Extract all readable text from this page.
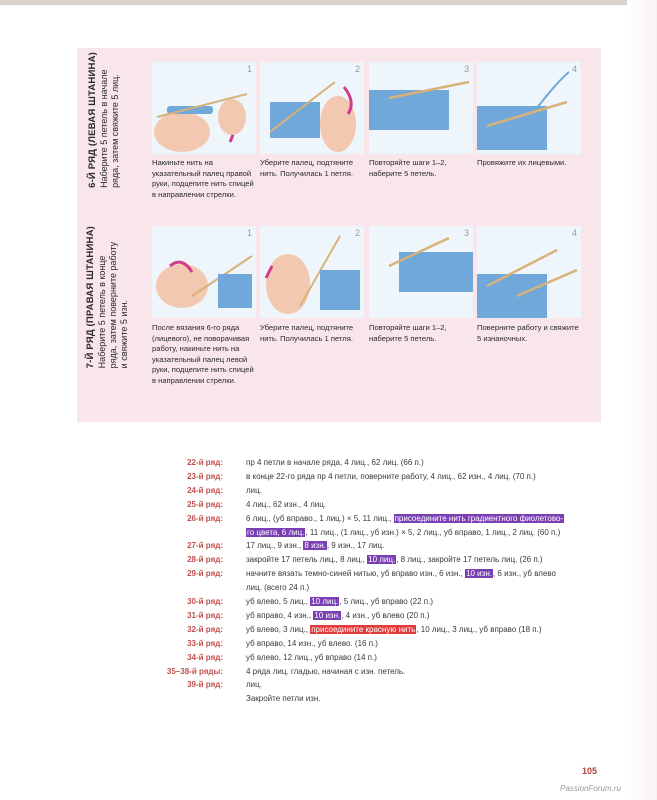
6-Й РЯД (ЛЕВАЯ ШТАНИНА)
Наберите 5 петель в начале
ряда, затем свяжите 5 лиц.
7-Й РЯД (ПРАВАЯ ШТАНИНА)
Наберите 5 петель в конце
ряда, затем поверните работу
и свяжите 5 изн.
1	2	3	4
Накиньте нить на указательный палец правой руки, подцепите нить спицей в направлении стрелки.
Уберите палец, подтяните нить. Получилась 1 петля.
Повторяйте шаги 1–2, наберите 5 петель.
Провяжите их лицевыми.
1	2	3	4
После вязания 6-го ряда (лицевого), не поворачивая работу, накиньте нить на указательный палец левой руки, подцепите нить спицей в направлении стрелки.
Уберите палец, подтяните нить. Получилась 1 петля.
Повторяйте шаги 1–2, наберите 5 петель.
Поверните работу и свяжите 5 изнаночных.
22-й ряд:	пр 4 петли в начале ряда, 4 лиц., 62 лиц. (66 п.)
23-й ряд:	в конце 22-го ряда пр 4 петли, поверните работу, 4 лиц., 62 изн., 4 лиц. (70 п.)
24-й ряд:	лиц.
25-й ряд:	4 лиц., 62 изн., 4 лиц.
26-й ряд:	6 лиц., (уб вправо., 1 лиц.) × 5, 11 лиц., присоедините нить градиентного фиолетово-
го цвета, 6 лиц., 11 лиц., (1 лиц., уб изн.) × 5, 2 лиц., уб вправо, 1 лиц., 2 лиц. (60 п.)
27-й ряд:	17 лиц., 9 изн., 8 изн., 9 изн., 17 лиц.
28-й ряд:	закройте 17 петель лиц., 8 лиц., 10 лиц., 8 лиц., закройте 17 петель лиц. (26 п.)
29-й ряд:	начните вязать темно-синей нитью, уб вправо изн., 6 изн., 10 изн., 6 изн., уб влево
лиц. (всего 24 п.)
30-й ряд:	уб влево, 5 лиц., 10 лиц., 5 лиц., уб вправо (22 п.)
31-й ряд:	уб вправо, 4 изн., 10 изн., 4 изн., уб влево (20 п.)
32-й ряд:	уб влево, 3 лиц., присоедините красную нить, 10 лиц., 3 лиц., уб вправо (18 п.)
33-й ряд:	уб вправо, 14 изн., уб влево. (16 п.)
34-й ряд:	уб влево, 12 лиц., уб вправо (14 п.)
35–38-й ряды:	4 ряда лиц. гладью, начиная с изн. петель.
39-й ряд:	лиц.
Закройте петли изн.
105
PassionForum.ru
